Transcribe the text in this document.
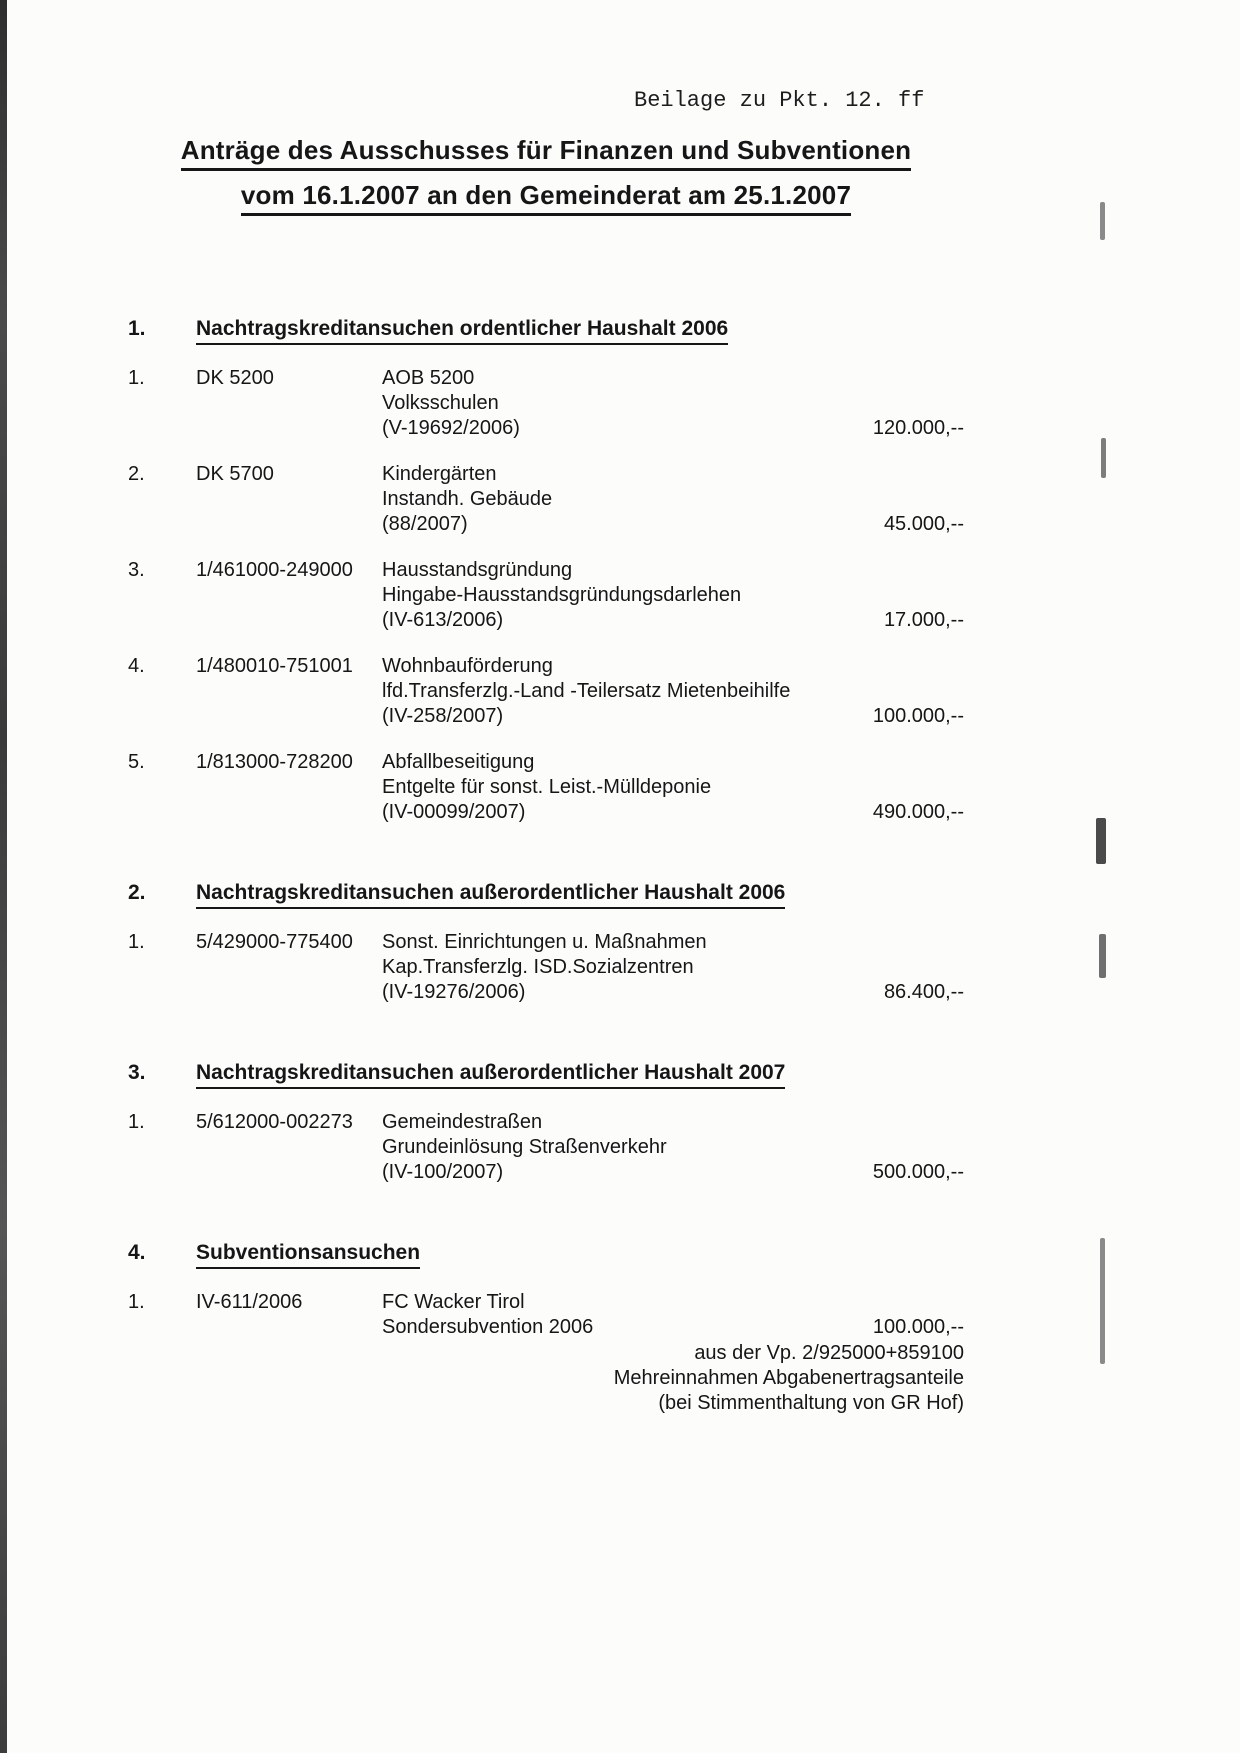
Beilage zu Pkt. 12. ff
Anträge des Ausschusses für Finanzen und Subventionen
vom 16.1.2007 an den Gemeinderat am 25.1.2007
1.	Nachtragskreditansuchen ordentlicher Haushalt 2006
1.	DK 5200	AOB 5200
Volksschulen
(V-19692/2006)	120.000,--
2.	DK 5700	Kindergärten
Instandh. Gebäude
(88/2007)	45.000,--
3.	1/461000-249000	Hausstandsgründung
Hingabe-Hausstandsgründungsdarlehen
(IV-613/2006)	17.000,--
4.	1/480010-751001	Wohnbauförderung
lfd.Transferzlg.-Land -Teilersatz Mietenbeihilfe
(IV-258/2007)	100.000,--
5.	1/813000-728200	Abfallbeseitigung
Entgelte für sonst. Leist.-Mülldeponie
(IV-00099/2007)	490.000,--
2.	Nachtragskreditansuchen außerordentlicher Haushalt 2006
1.	5/429000-775400	Sonst. Einrichtungen u. Maßnahmen
Kap.Transferzlg. ISD.Sozialzentren
(IV-19276/2006)	86.400,--
3.	Nachtragskreditansuchen außerordentlicher Haushalt 2007
1.	5/612000-002273	Gemeindestraßen
Grundeinlösung Straßenverkehr
(IV-100/2007)	500.000,--
4.	Subventionsansuchen
1.	IV-611/2006	FC Wacker Tirol
Sondersubvention 2006	100.000,--
aus der Vp. 2/925000+859100
Mehreinnahmen Abgabenertragsanteile
(bei Stimmenthaltung von GR Hof)
